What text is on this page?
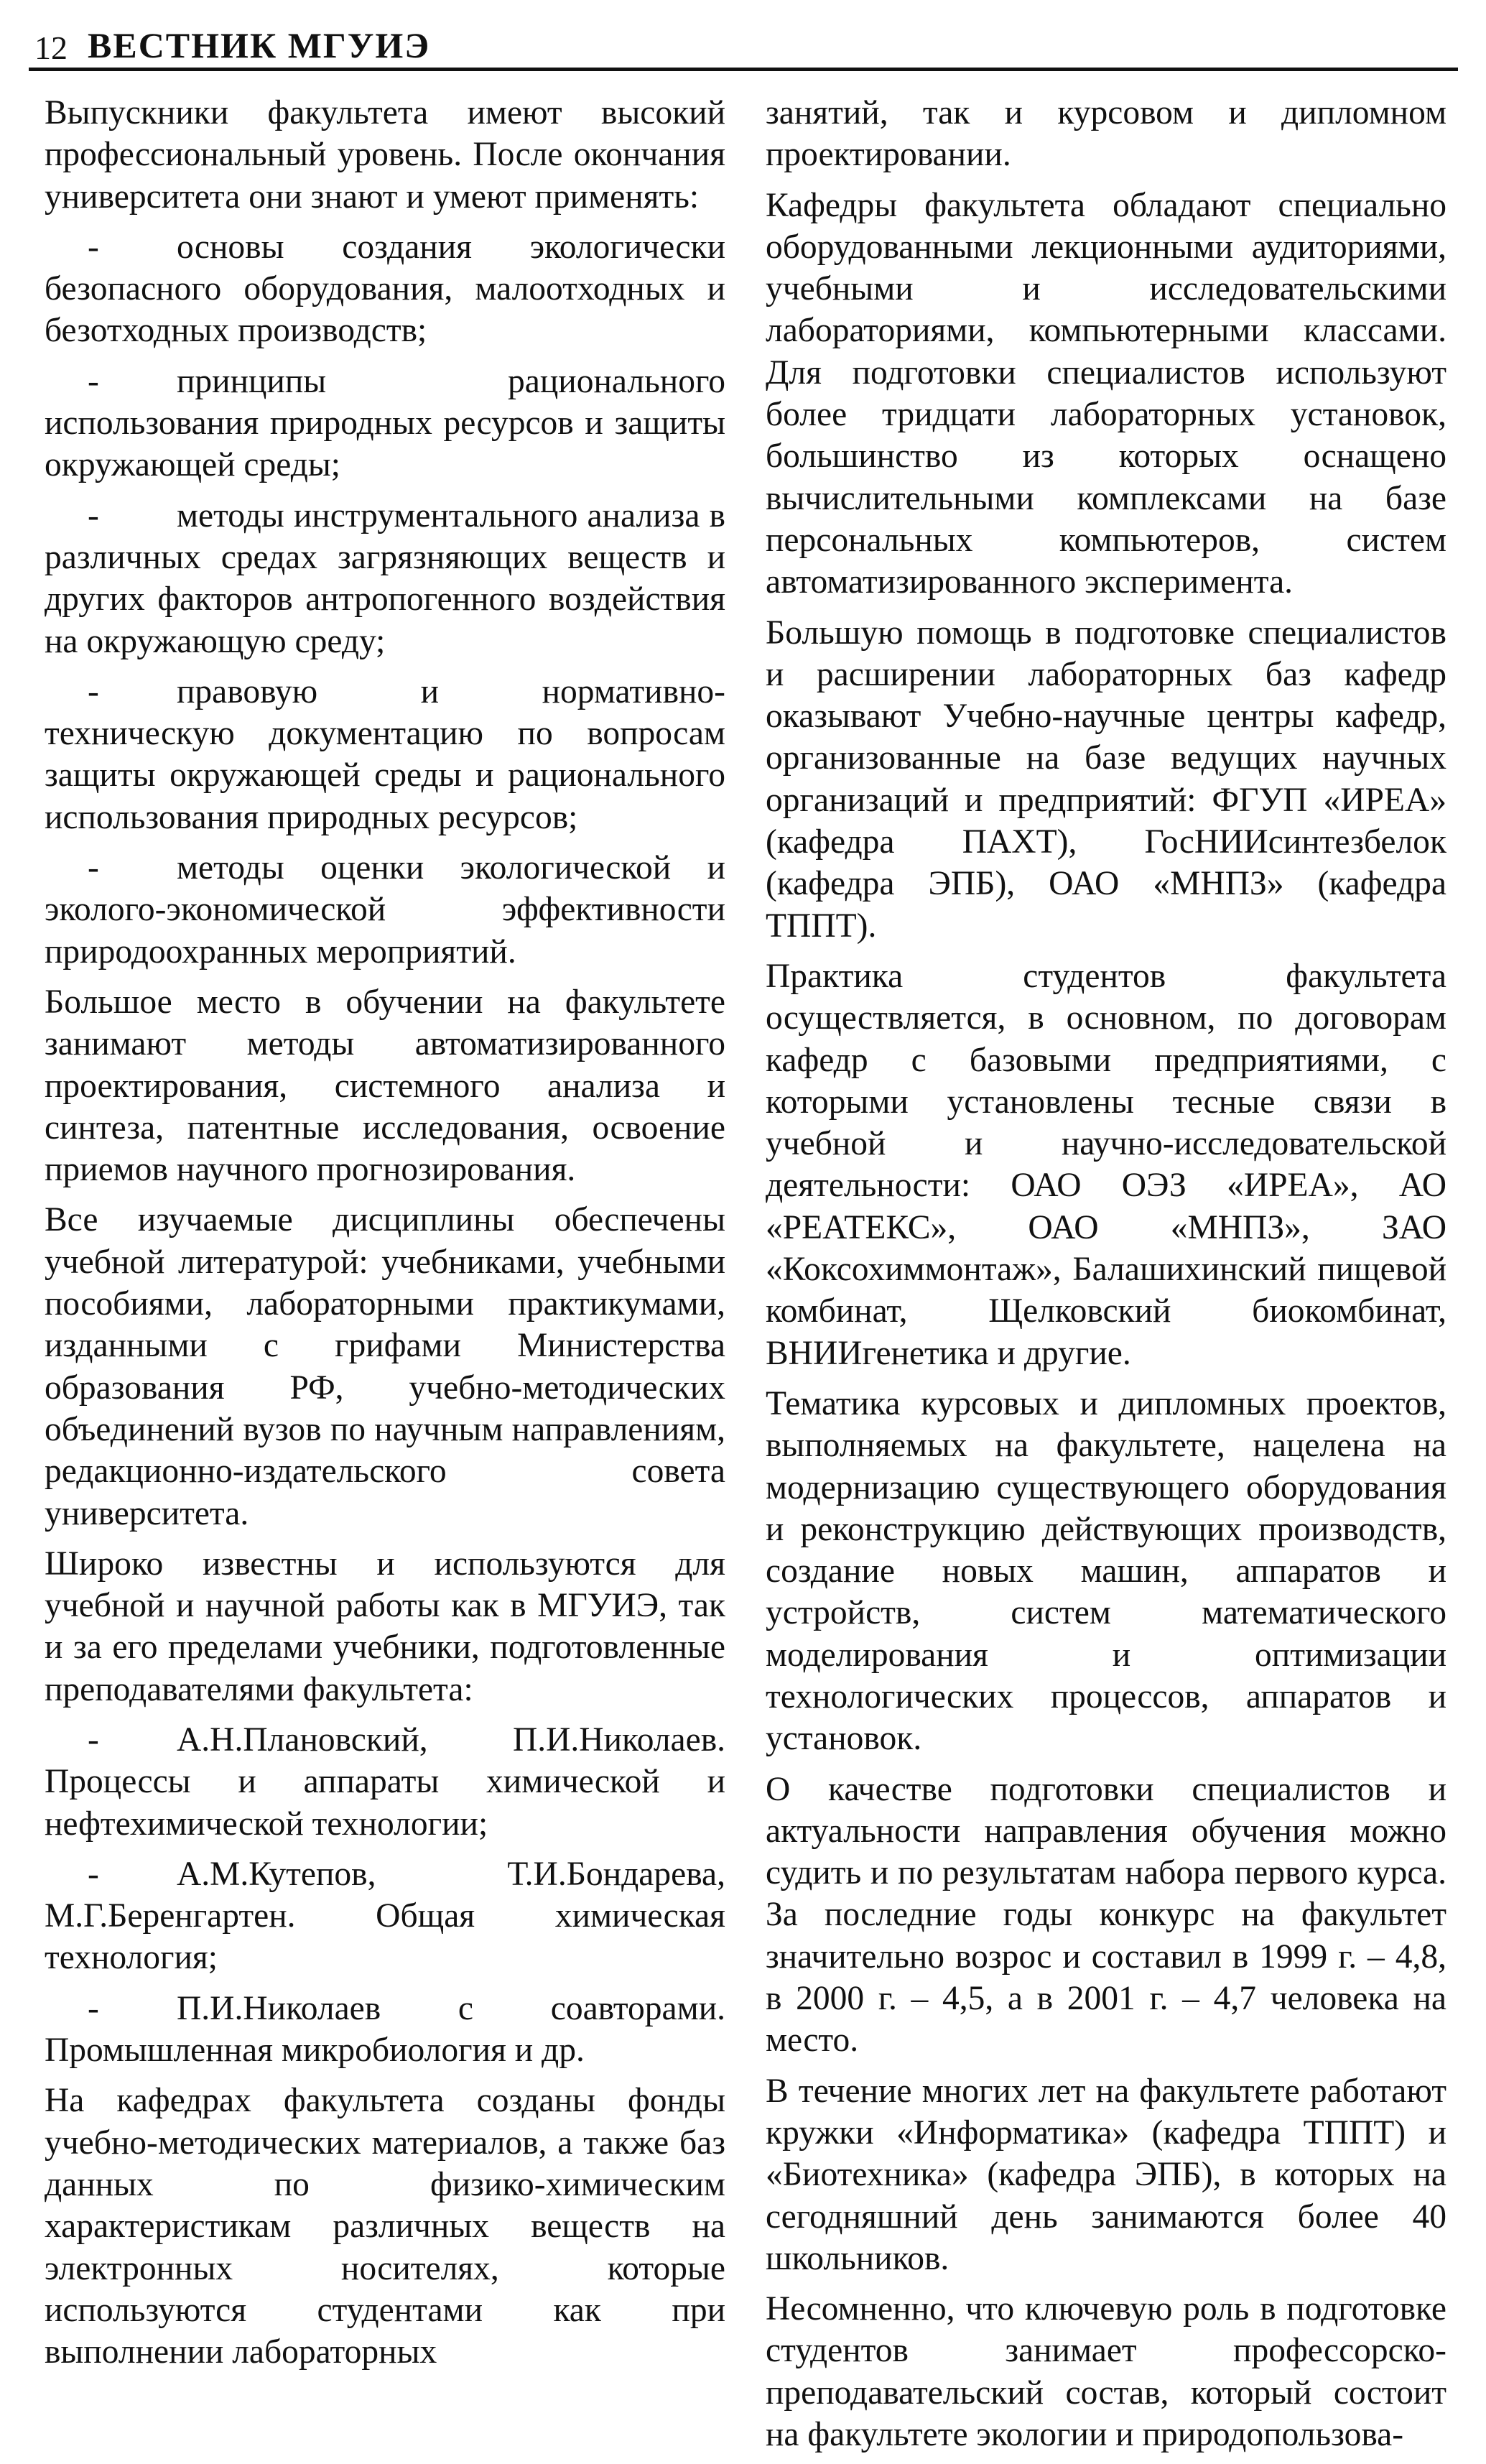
12 ВЕСТНИК МГУИЭ

Выпускники факультета имеют высокий профессиональный уровень. После окончания университета они знают и умеют применять:

- основы создания экологически безопасного оборудования, малоотходных и безотходных производств;

- принципы рационального использования природных ресурсов и защиты окружающей среды;

- методы инструментального анализа в различных средах загрязняющих веществ и других факторов антропогенного воздействия на окружающую среду;

- правовую и нормативно-техническую документацию по вопросам защиты окружающей среды и рационального использования природных ресурсов;

- методы оценки экологической и эколого-экономической эффективности природоохранных мероприятий.

Большое место в обучении на факультете занимают методы автоматизированного проектирования, системного анализа и синтеза, патентные исследования, освоение приемов научного прогнозирования.

Все изучаемые дисциплины обеспечены учебной литературой: учебниками, учебными пособиями, лабораторными практикумами, изданными с грифами Министерства образования РФ, учебно-методических объединений вузов по научным направлениям, редакционно-издательского совета университета.

Широко известны и используются для учебной и научной работы как в МГУИЭ, так и за его пределами учебники, подготовленные преподавателями факультета:

- А.Н.Плановский, П.И.Николаев. Процессы и аппараты химической и нефтехимической технологии;

- А.М.Кутепов, Т.И.Бондарева, М.Г.Беренгартен. Общая химическая технология;

- П.И.Николаев с соавторами. Промышленная микробиология и др.

На кафедрах факультета созданы фонды учебно-методических материалов, а также баз данных по физико-химическим характеристикам различных веществ на электронных носителях, которые используются студентами как при выполнении лабораторных

занятий, так и курсовом и дипломном проектировании.

Кафедры факультета обладают специально оборудованными лекционными аудиториями, учебными и исследовательскими лабораториями, компьютерными классами. Для подготовки специалистов используют более тридцати лабораторных установок, большинство из которых оснащено вычислительными комплексами на базе персональных компьютеров, систем автоматизированного эксперимента.

Большую помощь в подготовке специалистов и расширении лабораторных баз кафедр оказывают Учебно-научные центры кафедр, организованные на базе ведущих научных организаций и предприятий: ФГУП «ИРЕА» (кафедра ПАХТ), ГосНИИсинтезбелок (кафедра ЭПБ), ОАО «МНПЗ» (кафедра ТППТ).

Практика студентов факультета осуществляется, в основном, по договорам кафедр с базовыми предприятиями, с которыми установлены тесные связи в учебной и научно-исследовательской деятельности: ОАО ОЭЗ «ИРЕА», АО «РЕАТЕКС», ОАО «МНПЗ», ЗАО «Коксохиммонтаж», Балашихинский пищевой комбинат, Щелковский биокомбинат, ВНИИгенетика и другие.

Тематика курсовых и дипломных проектов, выполняемых на факультете, нацелена на модернизацию существующего оборудования и реконструкцию действующих производств, создание новых машин, аппаратов и устройств, систем математического моделирования и оптимизации технологических процессов, аппаратов и установок.

О качестве подготовки специалистов и актуальности направления обучения можно судить и по результатам набора первого курса. За последние годы конкурс на факультет значительно возрос и составил в 1999 г. – 4,8, в 2000 г. – 4,5, а в 2001 г. – 4,7 человека на место.

В течение многих лет на факультете работают кружки «Информатика» (кафедра ТППТ) и «Биотехника» (кафедра ЭПБ), в которых на сегодняшний день занимаются более 40 школьников.

Несомненно, что ключевую роль в подготовке студентов занимает профессорско-преподавательский состав, который состоит на факультете экологии и природопользова-
